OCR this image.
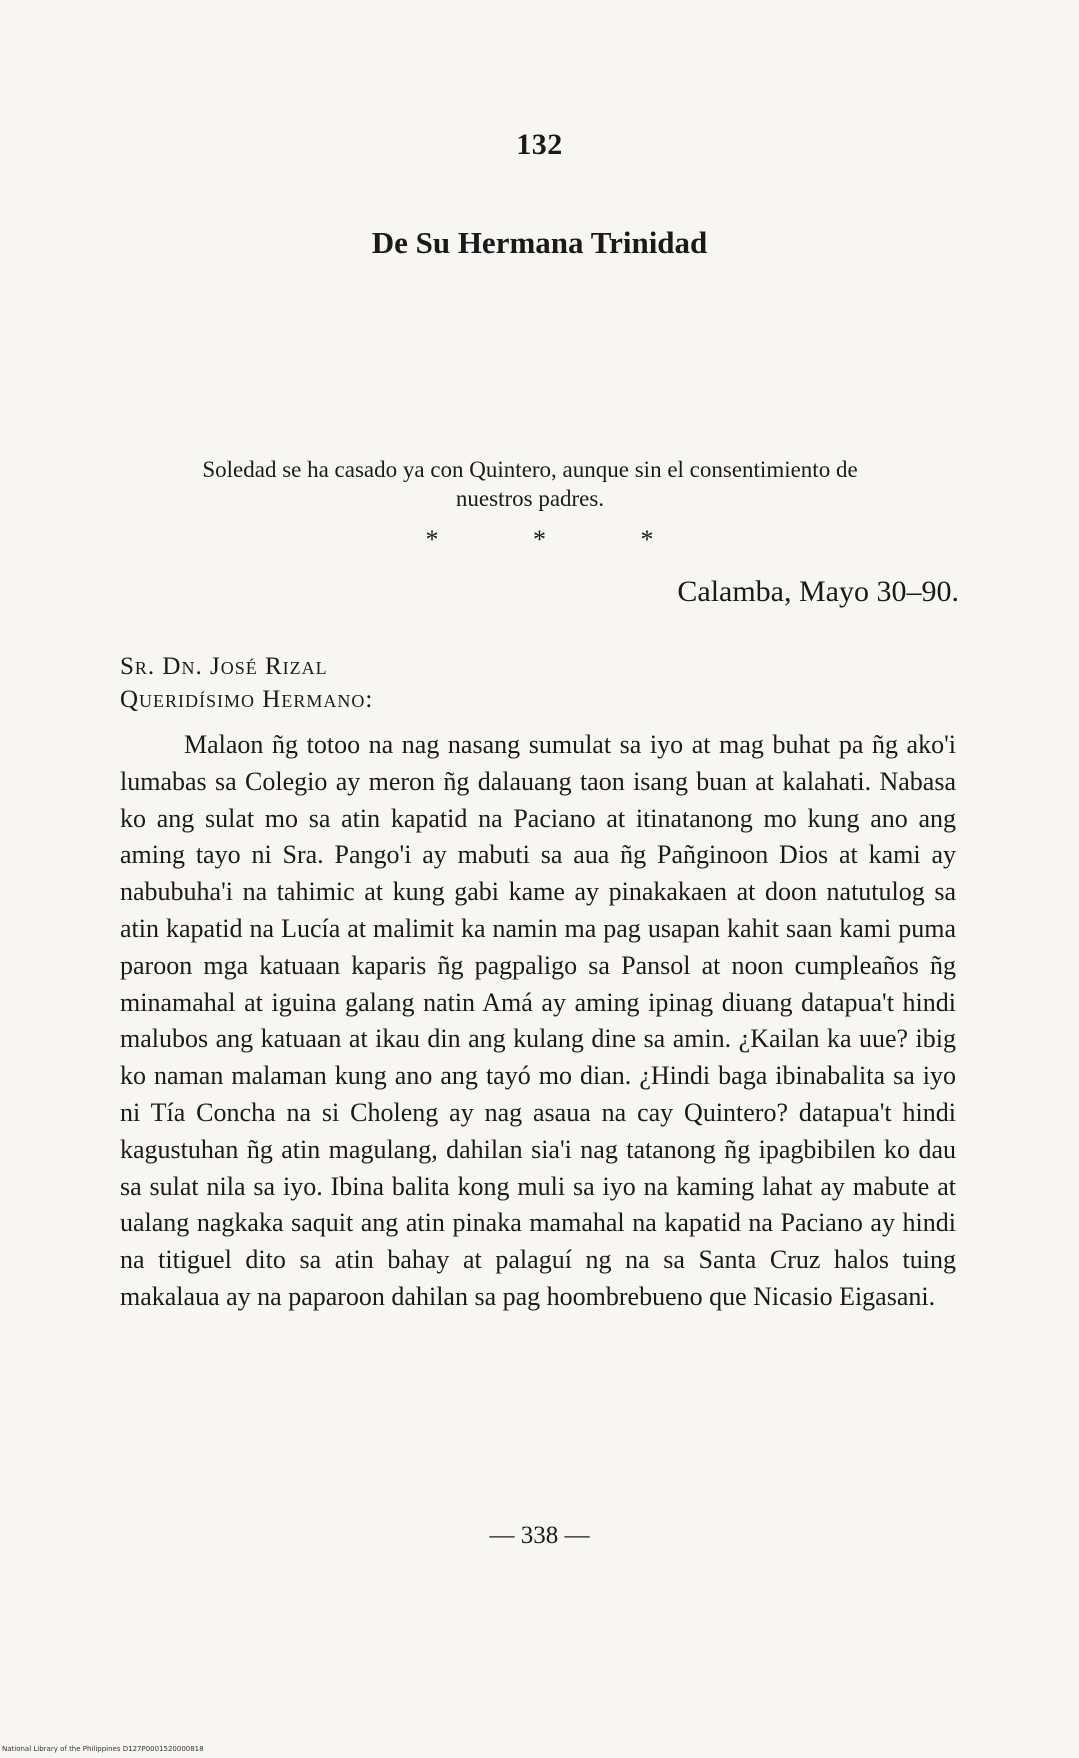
132
De Su Hermana Trinidad
Soledad se ha casado ya con Quintero, aunque sin el consentimiento de nuestros padres.
* * *
Calamba, Mayo 30–90.
Sr. Dn. José Rizal
Queridísimo Hermano:

Malaon ñg totoo na nag nasang sumulat sa iyo at mag buhat pa ñg ako'i lumabas sa Colegio ay meron ñg dalauang taon isang buan at kalahati. Nabasa ko ang sulat mo sa atin kapatid na Paciano at itinatanong mo kung ano ang aming tayo ni Sra. Pango'i ay mabuti sa aua ñg Pañginoon Dios at kami ay nabubuha'i na tahimic at kung gabi kame ay pinakakaen at doon natutulog sa atin kapatid na Lucía at malimit ka namin ma pag usapan kahit saan kami puma paroon mga katuaan kaparis ñg pagpaligo sa Pansol at noon cumpleaños ñg minamahal at iguina galang natin Amá ay aming ipinag diuang datapua't hindi malubos ang katuaan at ikau din ang kulang dine sa amin. ¿Kailan ka uue? ibig ko naman malaman kung ano ang tayó mo dian. ¿Hindi baga ibinabalita sa iyo ni Tía Concha na si Choleng ay nag asaua na cay Quintero? datapua't hindi kagustuhan ñg atin magulang, dahilan sia'i nag tatanong ñg ipagbibilen ko dau sa sulat nila sa iyo. Ibina balita kong muli sa iyo na kaming lahat ay mabute at ualang nagkaka saquit ang atin pinaka mamahal na kapatid na Paciano ay hindi na titiguel dito sa atin bahay at palaguí ng na sa Santa Cruz halos tuing makalaua ay na paparoon dahilan sa pag hoombrebueno que Nicasio Eigasani.

— 338 —
National Library of the Philippines D127P0001520000818
